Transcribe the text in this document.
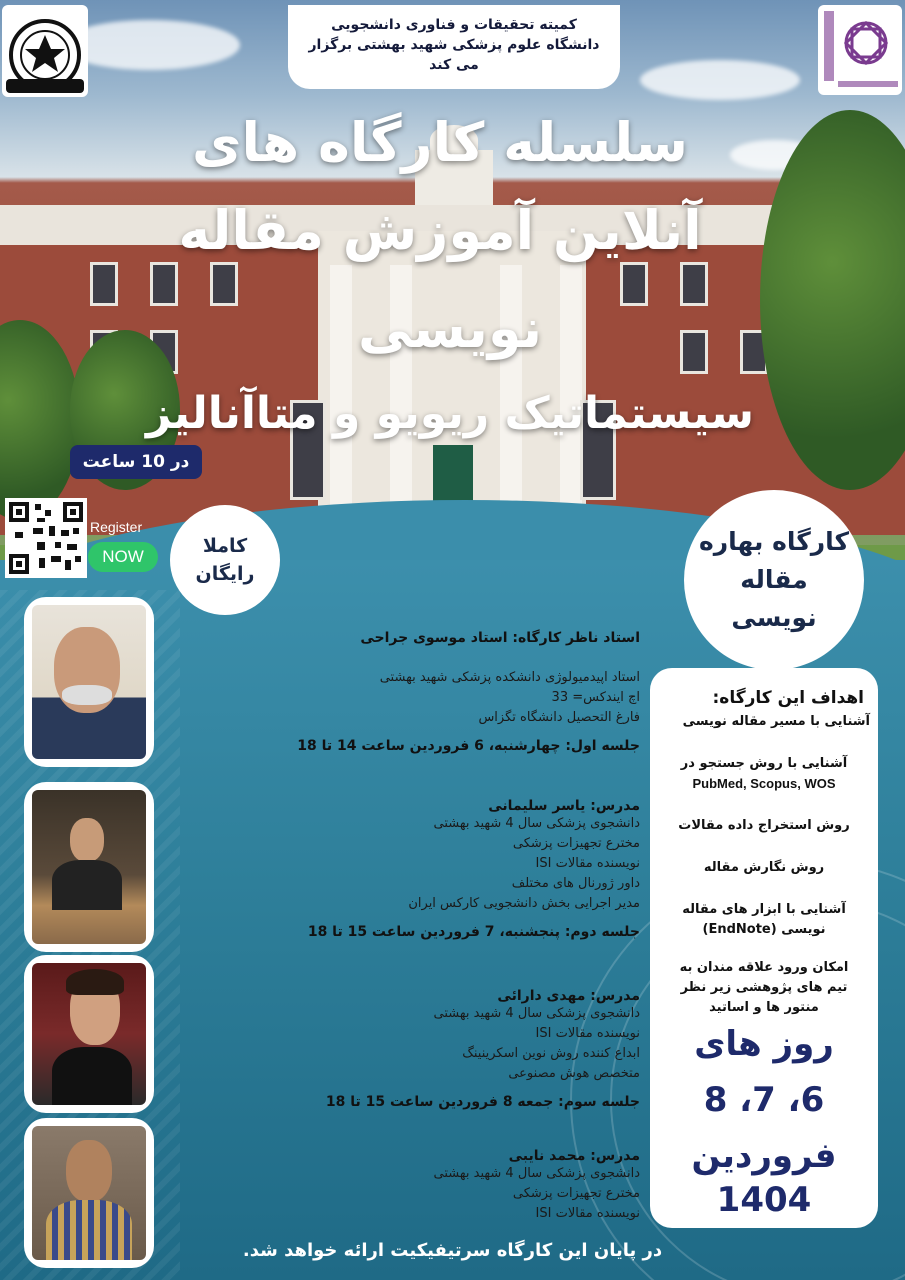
کمیته تحقیقات و فناوری دانشجویی
دانشگاه علوم پزشکی شهید بهشتی برگزار
می کند
سلسله کارگاه های
آنلاین آموزش مقاله
نویسی
سیستماتیک ریویو و متاآنالیز
در 10 ساعت
Register
NOW	کاملا
رایگان
کارگاه بهاره
مقاله
نویسی
استاد ناظر کارگاه: استاد موسوی جراحی
استاد اپیدمیولوژی دانشکده پزشکی شهید بهشتی
اچ ایندکس= 33
فارغ التحصیل دانشگاه تگزاس
جلسه اول: چهارشنبه، 6 فروردین ساعت 14 تا 18
مدرس: یاسر سلیمانی
دانشجوی پزشکی سال 4 شهید بهشتی
مخترع تجهیزات پزشکی
نویسنده مقالات ISI
داور ژورنال های مختلف
مدیر اجرایی بخش دانشجویی کارکس ایران
جلسه دوم: پنجشنبه، 7 فروردین ساعت 15 تا 18
مدرس: مهدی دارائی
دانشجوی پزشکی سال 4 شهید بهشتی
نویسنده مقالات ISI
ابداع کننده روش نوین اسکرینینگ
متخصص هوش مصنوعی
جلسه سوم: جمعه 8 فروردین ساعت 15 تا 18
مدرس: محمد نایبی
دانشجوی پزشکی سال 4 شهید بهشتی
مخترع تجهیزات پزشکی
نویسنده مقالات ISI
اهداف این کارگاه:
آشنایی با مسیر مقاله نویسی
آشنایی با روش جستجو در
PubMed, Scopus, WOS
روش استخراج داده مقالات
روش نگارش مقاله
آشنایی با ابزار های مقاله
نویسی (EndNote)
امکان ورود علاقه مندان به
تیم های پژوهشی زیر نظر
منتور ها و اساتید
روز های
6، 7، 8
فروردین 1404
در پایان این کارگاه سرتیفیکیت ارائه خواهد شد.
